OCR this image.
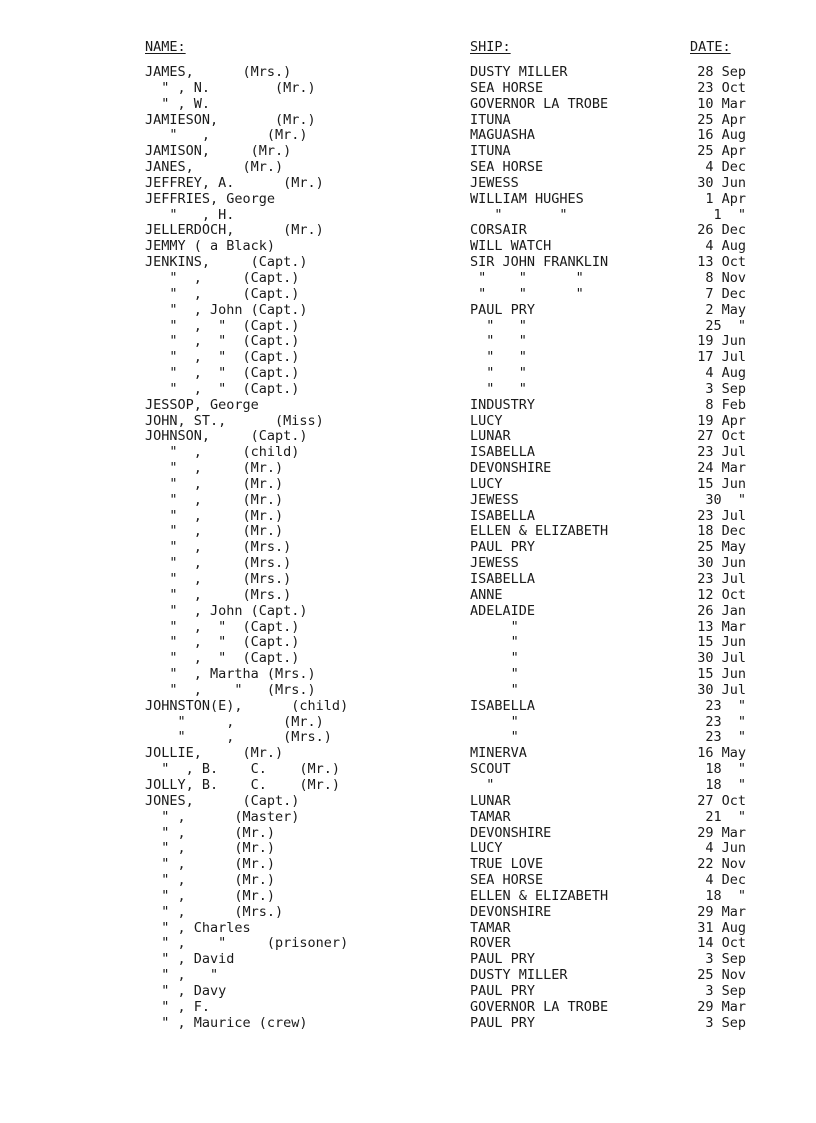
NAME:	SHIP:	DATE:
JAMES,      (Mrs.)	DUSTY MILLER	28 Sep
" , N.        (Mr.)	SEA HORSE	23 Oct
" , W.	GOVERNOR LA TROBE	10 Mar
JAMIESON,       (Mr.)	ITUNA	25 Apr
"   ,       (Mr.)	MAGUASHA	16 Aug
JAMISON,     (Mr.)	ITUNA	25 Apr
JANES,      (Mr.)	SEA HORSE	4 Dec
JEFFREY, A.      (Mr.)	JEWESS	30 Jun
JEFFRIES, George	WILLIAM HUGHES	1 Apr
"   , H.	"       "	1  "
JELLERDOCH,      (Mr.)	CORSAIR	26 Dec
JEMMY ( a Black)	WILL WATCH	4 Aug
JENKINS,     (Capt.)	SIR JOHN FRANKLIN	13 Oct
"  ,     (Capt.)	"    "      "	8 Nov
"  ,     (Capt.)	"    "      "	7 Dec
"  , John (Capt.)	PAUL PRY	2 May
"  ,  "  (Capt.)	"   "	25  "
"  ,  "  (Capt.)	"   "	19 Jun
"  ,  "  (Capt.)	"   "	17 Jul
"  ,  "  (Capt.)	"   "	4 Aug
"  ,  "  (Capt.)	"   "	3 Sep
JESSOP, George	INDUSTRY	8 Feb
JOHN, ST.,      (Miss)	LUCY	19 Apr
JOHNSON,     (Capt.)	LUNAR	27 Oct
"  ,     (child)	ISABELLA	23 Jul
"  ,     (Mr.)	DEVONSHIRE	24 Mar
"  ,     (Mr.)	LUCY	15 Jun
"  ,     (Mr.)	JEWESS	30  "
"  ,     (Mr.)	ISABELLA	23 Jul
"  ,     (Mr.)	ELLEN & ELIZABETH	18 Dec
"  ,     (Mrs.)	PAUL PRY	25 May
"  ,     (Mrs.)	JEWESS	30 Jun
"  ,     (Mrs.)	ISABELLA	23 Jul
"  ,     (Mrs.)	ANNE	12 Oct
"  , John (Capt.)	ADELAIDE	26 Jan
"  ,  "  (Capt.)	"	13 Mar
"  ,  "  (Capt.)	"	15 Jun
"  ,  "  (Capt.)	"	30 Jul
"  , Martha (Mrs.)	"	15 Jun
"  ,    "   (Mrs.)	"	30 Jul
JOHNSTON(E),      (child)	ISABELLA	23  "
"     ,      (Mr.)	"	23  "
"     ,      (Mrs.)	"	23  "
JOLLIE,     (Mr.)	MINERVA	16 May
"  , B.    C.    (Mr.)	SCOUT	18  "
JOLLY, B.    C.    (Mr.)	"	18  "
JONES,      (Capt.)	LUNAR	27 Oct
" ,      (Master)	TAMAR	21  "
" ,      (Mr.)	DEVONSHIRE	29 Mar
" ,      (Mr.)	LUCY	4 Jun
" ,      (Mr.)	TRUE LOVE	22 Nov
" ,      (Mr.)	SEA HORSE	4 Dec
" ,      (Mr.)	ELLEN & ELIZABETH	18  "
" ,      (Mrs.)	DEVONSHIRE	29 Mar
" , Charles	TAMAR	31 Aug
" ,    "     (prisoner)	ROVER	14 Oct
" , David	PAUL PRY	3 Sep
" ,   "	DUSTY MILLER	25 Nov
" , Davy	PAUL PRY	3 Sep
" , F.	GOVERNOR LA TROBE	29 Mar
" , Maurice (crew)	PAUL PRY	3 Sep
